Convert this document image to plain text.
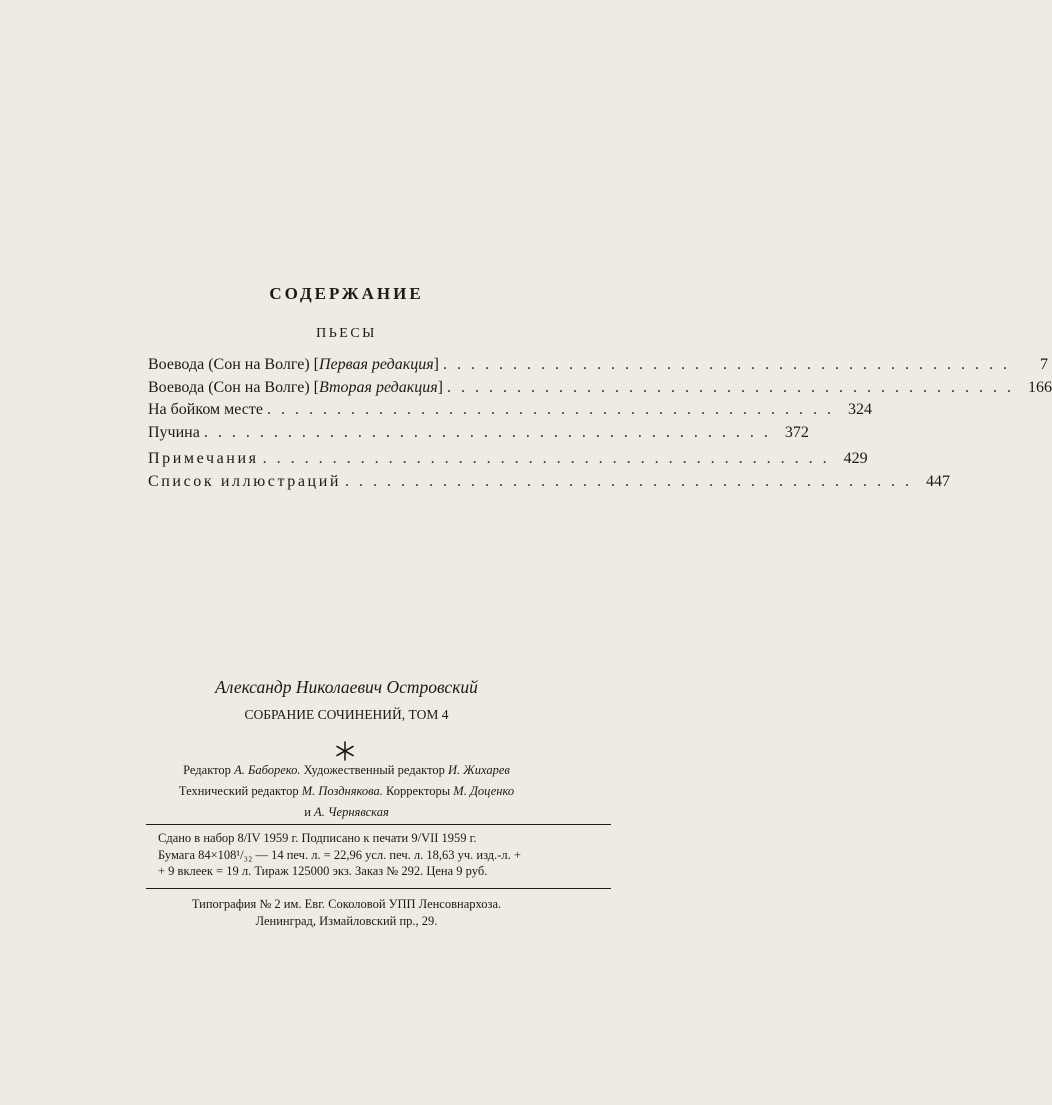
СОДЕРЖАНИЕ
ПЬЕСЫ
Воевода (Сон на Волге) [Первая редакция] . . . . . . . . . . . . . . . . . . . . . . . . . . . . . . . . . . . . . . . . .	7
Воевода (Сон на Волге) [Вторая редакция] . . . . . . . . . . . . . . . . . . . . . . . . . . . . . . . . . . . . . . . . . 166
На бойком месте . . . . . . . . . . . . . . . . . . . . . . . . . . . . . . . . . . . . . . . . . 324
Пучина . . . . . . . . . . . . . . . . . . . . . . . . . . . . . . . . . . . . . . . . . 372
Примечания . . . . . . . . . . . . . . . . . . . . . . . . . . . . . . . . . . . . . . . . . 429
Список иллюстраций . . . . . . . . . . . . . . . . . . . . . . . . . . . . . . . . . . . . . . . . . 447
Александр Николаевич Островский
СОБРАНИЕ СОЧИНЕНИЙ, ТОМ 4
Редактор А. Бабореко. Художественный редактор И. Жихарев
Технический редактор М. Позднякова. Корректоры М. Доценко
и А. Чернявская
Сдано в набор 8/IV 1959 г. Подписано к печати 9/VII 1959 г.
Бумага 84×108¹/₃₂ — 14 печ. л. = 22,96 усл. печ. л. 18,63 уч. изд.-л. +
+ 9 вклеек = 19 л. Тираж 125000 экз. Заказ № 292. Цена 9 руб.
Типография № 2 им. Евг. Соколовой УПП Ленсовнархоза.
Ленинград, Измайловский пр., 29.
